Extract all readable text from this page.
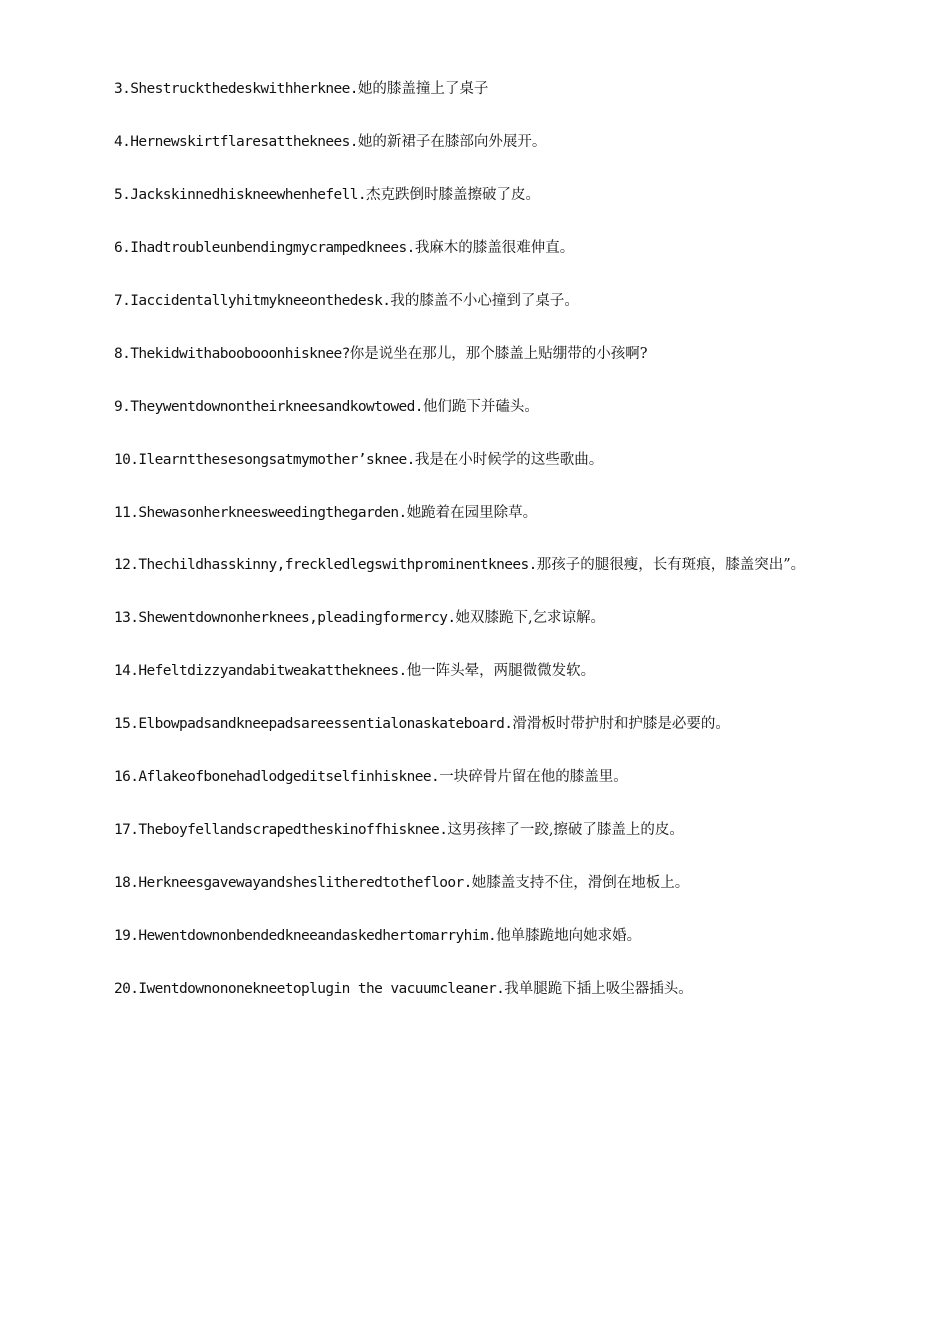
3.Shestruckthedeskwithherknee.她的膝盖撞上了桌子

4.Hernewskirtflaresattheknees.她的新裙子在膝部向外展开。

5.Jackskinnedhiskneewhenhefell.杰克跌倒时膝盖擦破了皮。

6.Ihadtroubleunbendingmycrampedknees.我麻木的膝盖很难伸直。

7.Iaccidentallyhitmykneeonthedesk.我的膝盖不小心撞到了桌子。

8.Thekidwithaboobooonhisknee?你是说坐在那儿，那个膝盖上贴绷带的小孩啊?

9.Theywentdownontheirkneesandkowtowed.他们跪下并磕头。

10.Ilearntthesesongsatmymother’sknee.我是在小时候学的这些歌曲。

11.Shewasonherkneesweedingthegarden.她跪着在园里除草。

12.Thechildhasskinny,freckledlegswithprominentknees.那孩子的腿很瘦，长有斑痕，膝盖突出”。

13.Shewentdownonherknees,pleadingformercy.她双膝跪下,乞求谅解。

14.Hefeltdizzyandabitweakattheknees.他一阵头晕，两腿微微发软。

15.Elbowpadsandkneepadsareessentialonaskateboard.滑滑板时带护肘和护膝是必要的。

16.Aflakeofbonehadlodgeditselfinhisknee.一块碎骨片留在他的膝盖里。

17.Theboyfellandscrapedtheskinoffhisknee.这男孩摔了一跤,擦破了膝盖上的皮。

18.Herkneesgavewayandsheslitheredtothefloor.她膝盖支持不住，滑倒在地板上。

19.Hewentdownonbendedkneeandaskedhertomarryhim.他单膝跪地向她求婚。

20.Iwentdownononekneetoplugin the vacuumcleaner.我单腿跪下插上吸尘器插头。
